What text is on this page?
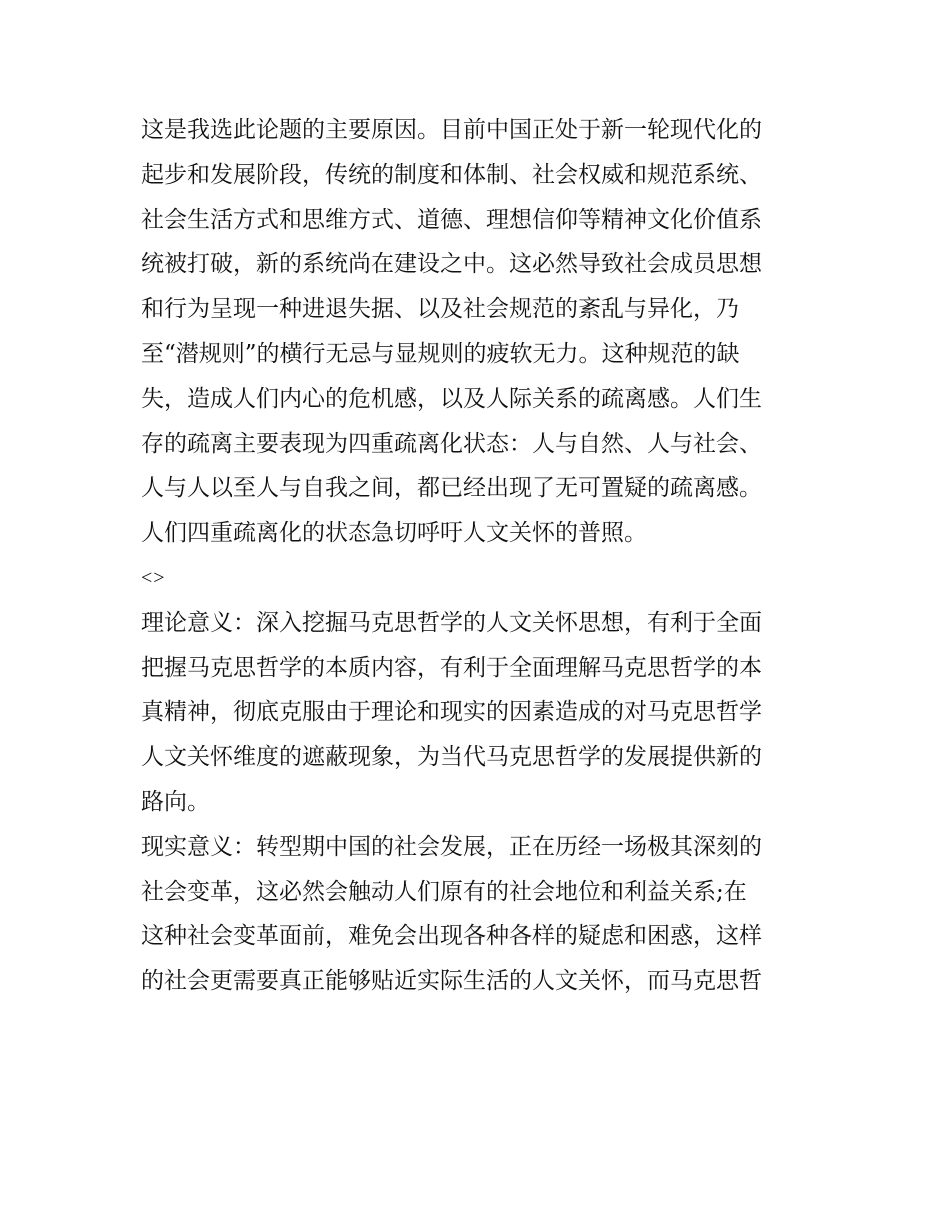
这是我选此论题的主要原因。目前中国正处于新一轮现代化的
起步和发展阶段，传统的制度和体制、社会权威和规范系统、
社会生活方式和思维方式、道德、理想信仰等精神文化价值系
统被打破，新的系统尚在建设之中。这必然导致社会成员思想
和行为呈现一种进退失据、以及社会规范的紊乱与异化，乃
至“潜规则”的横行无忌与显规则的疲软无力。这种规范的缺
失，造成人们内心的危机感，以及人际关系的疏离感。人们生
存的疏离主要表现为四重疏离化状态：人与自然、人与社会、
人与人以至人与自我之间，都已经出现了无可置疑的疏离感。
人们四重疏离化的状态急切呼吁人文关怀的普照。
<>
理论意义：深入挖掘马克思哲学的人文关怀思想，有利于全面
把握马克思哲学的本质内容，有利于全面理解马克思哲学的本
真精神，彻底克服由于理论和现实的因素造成的对马克思哲学
人文关怀维度的遮蔽现象，为当代马克思哲学的发展提供新的
路向。
现实意义：转型期中国的社会发展，正在历经一场极其深刻的
社会变革，这必然会触动人们原有的社会地位和利益关系;在
这种社会变革面前，难免会出现各种各样的疑虑和困惑，这样
的社会更需要真正能够贴近实际生活的人文关怀，而马克思哲
